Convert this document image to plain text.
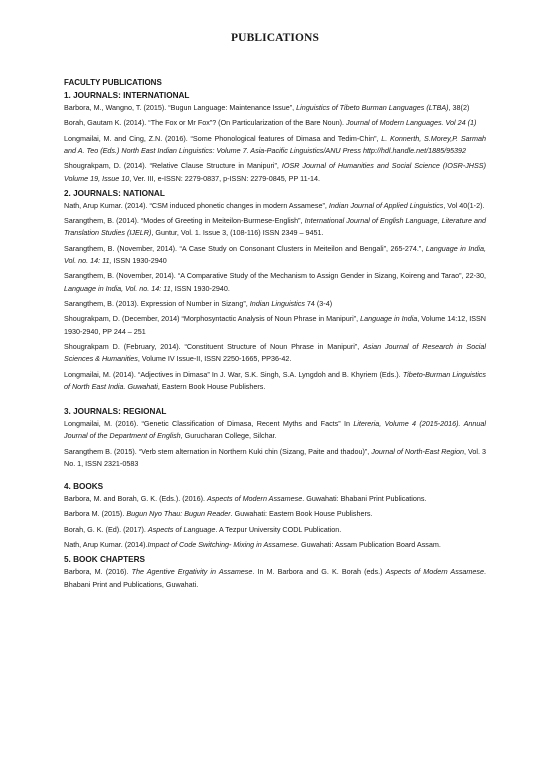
PUBLICATIONS
FACULTY PUBLICATIONS
1. JOURNALS: INTERNATIONAL
Barbora, M., Wangno, T. (2015). “Bugun Language: Maintenance Issue”, Linguistics of Tibeto Burman Languages (LTBA), 38(2)
Borah, Gautam K. (2014). “The Fox or Mr Fox”? (On Particularization of the Bare Noun). Journal of Modern Languages. Vol 24 (1)
Longmailai, M. and Cing, Z.N. (2016). “Some Phonological features of Dimasa and Tedim-Chin”, L. Konnerth, S.Morey,P. Sarmah and A. Teo (Eds.) North East Indian Linguistics: Volume 7. Asia-Pacific Linguistics/ANU Press http://hdl.handle.net/1885/95392
Shougrakpam, D. (2014). “Relative Clause Structure in Manipuri”, IOSR Journal of Humanities and Social Science (IOSR-JHSS) Volume 19, Issue 10, Ver. III, e-ISSN: 2279-0837, p-ISSN: 2279-0845, PP 11-14.
2. JOURNALS: NATIONAL
Nath, Arup Kumar. (2014). “CSM induced phonetic changes in modern Assamese”, Indian Journal of Applied Linguistics, Vol 40(1-2).
Sarangthem, B. (2014). “Modes of Greeting in Meiteilon-Burmese-English”, International Journal of English Language, Literature and Translation Studies (IJELR), Guntur, Vol. 1. Issue 3, (108-116) ISSN 2349 – 9451.
Sarangthem, B. (November, 2014). “A Case Study on Consonant Clusters in Meiteilon and Bengali”, 265-274.”, Language in India, Vol. no. 14: 11, ISSN 1930-2940
Sarangthem, B. (November, 2014). “A Comparative Study of the Mechanism to Assign Gender in Sizang, Koireng and Tarao”, 22-30, Language in India, Vol. no. 14: 11, ISSN 1930-2940.
Sarangthem, B. (2013). Expression of Number in Sizang”, Indian Linguistics 74 (3-4)
Shougrakpam, D. (December, 2014) “Morphosyntactic Analysis of Noun Phrase in Manipuri”, Language in India, Volume 14:12, ISSN 1930-2940, PP 244 – 251
Shougrakpam D. (February, 2014). “Constituent Structure of Noun Phrase in Manipuri”, Asian Journal of Research in Social Sciences & Humanities, Volume IV Issue-II, ISSN 2250-1665, PP36-42.
Longmailai, M. (2014). “Adjectives in Dimasa” In J. War, S.K. Singh, S.A. Lyngdoh and B. Khyriem (Eds.). Tibeto-Burman Linguistics of North East India. Guwahati, Eastern Book House Publishers.
3. JOURNALS: REGIONAL
Longmailai, M. (2016). “Genetic Classification of Dimasa, Recent Myths and Facts” In Litereria, Volume 4 (2015-2016). Annual Journal of the Department of English, Gurucharan College, Silchar.
Sarangthem B. (2015). “Verb stem alternation in Northern Kuki chin (Sizang, Paite and thadou)”, Journal of North-East Region, Vol. 3 No. 1, ISSN 2321-0583
4. BOOKS
Barbora, M. and Borah, G. K. (Eds.). (2016). Aspects of Modern Assamese. Guwahati: Bhabani Print Publications.
Barbora M. (2015). Bugun Nyo Thau: Bugun Reader. Guwahati: Eastern Book House Publishers.
Borah, G. K. (Ed). (2017). Aspects of Language. A Tezpur University CODL Publication.
Nath, Arup Kumar. (2014).Impact of Code Switching- Mixing in Assamese. Guwahati: Assam Publication Board Assam.
5. BOOK CHAPTERS
Barbora, M. (2016). The Agentive Ergativity in Assamese. In M. Barbora and G. K. Borah (eds.) Aspects of Modern Assamese. Bhabani Print and Publications, Guwahati.
